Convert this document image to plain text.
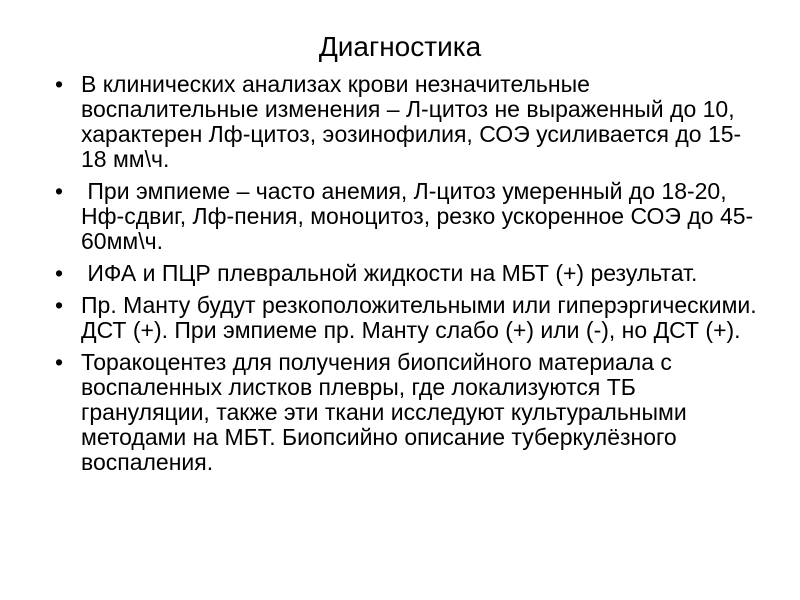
Диагностика
• В клинических анализах крови незначительные воспалительные изменения – Л-цитоз не выраженный до 10, характерен Лф-цитоз, эозинофилия, СОЭ усиливается до 15-18 мм\ч.
• При эмпиеме – часто анемия, Л-цитоз умеренный до 18-20, Нф-сдвиг, Лф-пения, моноцитоз, резко ускоренное СОЭ до 45-60мм\ч.
• ИФА и ПЦР плевральной жидкости на МБТ (+) результат.
• Пр. Манту будут резкоположительными или гиперэргическими. ДСТ (+). При эмпиеме пр. Манту слабо (+) или (-), но ДСТ (+).
• Торакоцентез для получения биопсийного материала с воспаленных листков плевры, где локализуются ТБ грануляции, также эти ткани исследуют культуральными методами на МБТ. Биопсийно описание туберкулёзного воспаления.
